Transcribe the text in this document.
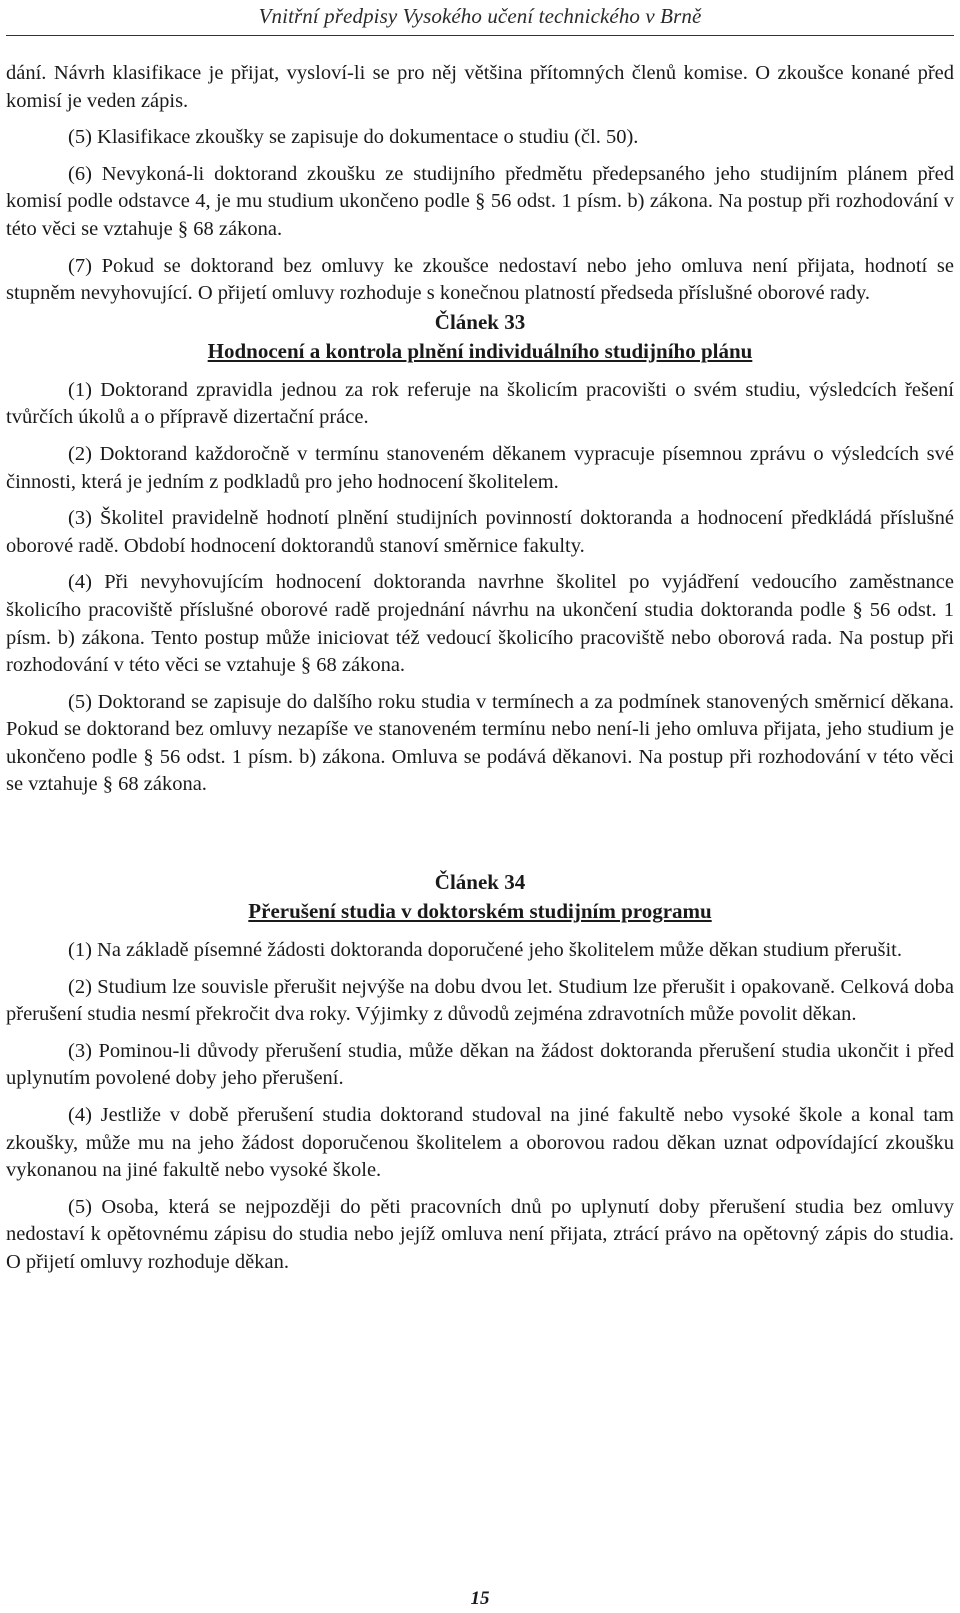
Vnitřní předpisy Vysokého učení technického v Brně

dání. Návrh klasifikace je přijat, vysloví-li se pro něj většina přítomných členů komise. O zkoušce konané před komisí je veden zápis.

(5) Klasifikace zkoušky se zapisuje do dokumentace o studiu (čl. 50).

(6) Nevykoná-li doktorand zkoušku ze studijního předmětu předepsaného jeho studijním plánem před komisí podle odstavce 4, je mu studium ukončeno podle § 56 odst. 1 písm. b) zákona. Na postup při rozhodování v této věci se vztahuje § 68 zákona.

(7) Pokud se doktorand bez omluvy ke zkoušce nedostaví nebo jeho omluva není přijata, hodnotí se stupněm nevyhovující. O přijetí omluvy rozhoduje s konečnou platností předseda příslušné oborové rady.

Článek 33
Hodnocení a kontrola plnění individuálního studijního plánu

(1) Doktorand zpravidla jednou za rok referuje na školicím pracovišti o svém studiu, výsledcích řešení tvůrčích úkolů a o přípravě dizertační práce.

(2) Doktorand každoročně v termínu stanoveném děkanem vypracuje písemnou zprávu o výsledcích své činnosti, která je jedním z podkladů pro jeho hodnocení školitelem.

(3) Školitel pravidelně hodnotí plnění studijních povinností doktoranda a hodnocení předkládá příslušné oborové radě. Období hodnocení doktorandů stanoví směrnice fakulty.

(4) Při nevyhovujícím hodnocení doktoranda navrhne školitel po vyjádření vedoucího zaměstnance školicího pracoviště příslušné oborové radě projednání návrhu na ukončení studia doktoranda podle § 56 odst. 1 písm. b) zákona. Tento postup může iniciovat též vedoucí školicího pracoviště nebo oborová rada. Na postup při rozhodování v této věci se vztahuje § 68 zákona.

(5) Doktorand se zapisuje do dalšího roku studia v termínech a za podmínek stanovených směrnicí děkana. Pokud se doktorand bez omluvy nezapíše ve stanoveném termínu nebo není-li jeho omluva přijata, jeho studium je ukončeno podle § 56 odst. 1 písm. b) zákona. Omluva se podává děkanovi. Na postup při rozhodování v této věci se vztahuje § 68 zákona.

Článek 34
Přerušení studia v doktorském studijním programu

(1) Na základě písemné žádosti doktoranda doporučené jeho školitelem může děkan studium přerušit.

(2) Studium lze souvisle přerušit nejvýše na dobu dvou let. Studium lze přerušit i opakovaně. Celková doba přerušení studia nesmí překročit dva roky. Výjimky z důvodů zejména zdravotních může povolit děkan.

(3) Pominou-li důvody přerušení studia, může děkan na žádost doktoranda přerušení studia ukončit i před uplynutím povolené doby jeho přerušení.

(4) Jestliže v době přerušení studia doktorand studoval na jiné fakultě nebo vysoké škole a konal tam zkoušky, může mu na jeho žádost doporučenou školitelem a oborovou radou děkan uznat odpovídající zkoušku vykonanou na jiné fakultě nebo vysoké škole.

(5) Osoba, která se nejpozději do pěti pracovních dnů po uplynutí doby přerušení studia bez omluvy nedostaví k opětovnému zápisu do studia nebo jejíž omluva není přijata, ztrácí právo na opětovný zápis do studia. O přijetí omluvy rozhoduje děkan.

15
